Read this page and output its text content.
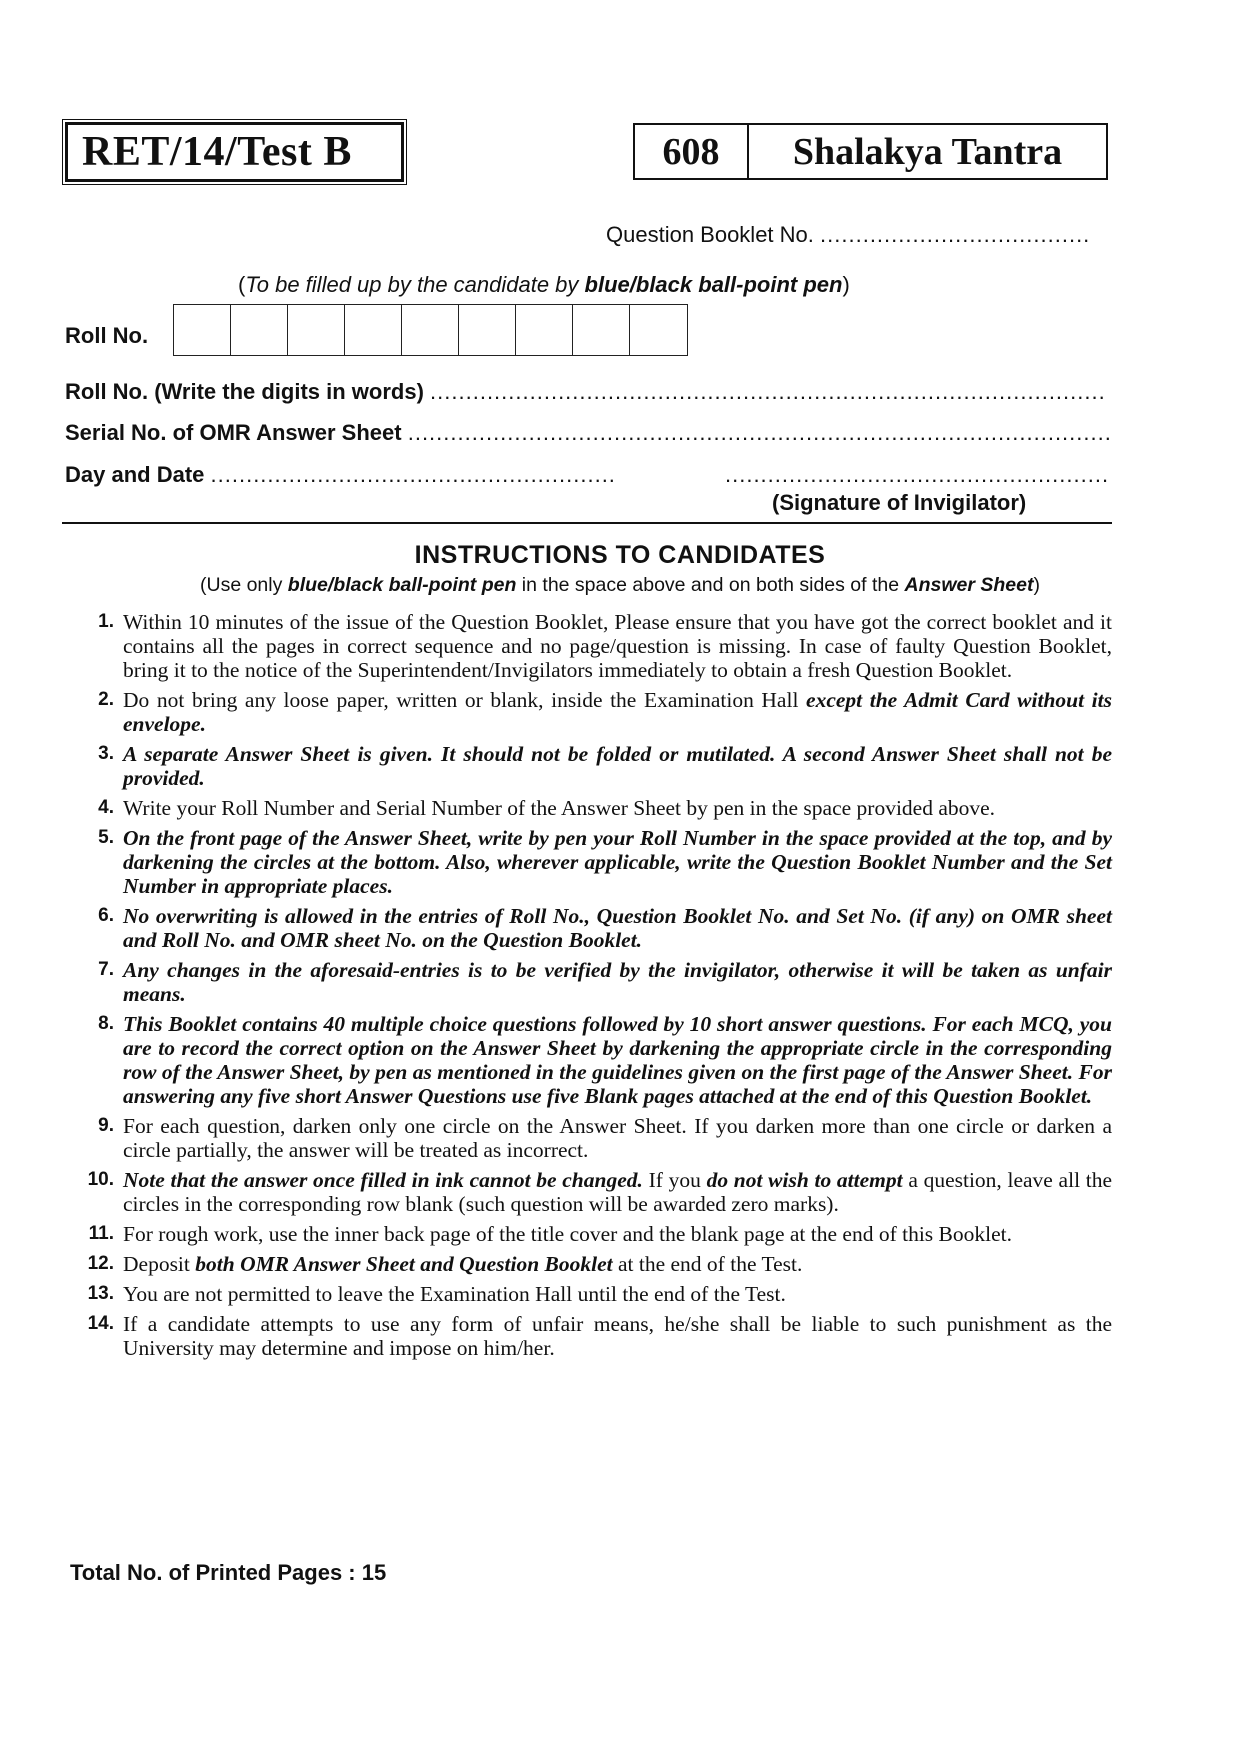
RET/14/Test B	608	Shalakya Tantra
Question Booklet No. ......................................
(To be filled up by the candidate by blue/black ball-point pen)
Roll No.
Roll No. (Write the digits in words) ...............................................................................................
Serial No. of OMR Answer Sheet ...................................................................................................
Day and Date .........................................................	......................................................
(Signature of Invigilator)
INSTRUCTIONS TO CANDIDATES
(Use only blue/black ball-point pen in the space above and on both sides of the Answer Sheet)
1. Within 10 minutes of the issue of the Question Booklet, Please ensure that you have got the correct booklet and it contains all the pages in correct sequence and no page/question is missing. In case of faulty Question Booklet, bring it to the notice of the Superintendent/Invigilators immediately to obtain a fresh Question Booklet.
2. Do not bring any loose paper, written or blank, inside the Examination Hall except the Admit Card without its envelope.
3. A separate Answer Sheet is given. It should not be folded or mutilated. A second Answer Sheet shall not be provided.
4. Write your Roll Number and Serial Number of the Answer Sheet by pen in the space provided above.
5. On the front page of the Answer Sheet, write by pen your Roll Number in the space provided at the top, and by darkening the circles at the bottom. Also, wherever applicable, write the Question Booklet Number and the Set Number in appropriate places.
6. No overwriting is allowed in the entries of Roll No., Question Booklet No. and Set No. (if any) on OMR sheet and Roll No. and OMR sheet No. on the Question Booklet.
7. Any changes in the aforesaid-entries is to be verified by the invigilator, otherwise it will be taken as unfair means.
8. This Booklet contains 40 multiple choice questions followed by 10 short answer questions. For each MCQ, you are to record the correct option on the Answer Sheet by darkening the appropriate circle in the corresponding row of the Answer Sheet, by pen as mentioned in the guidelines given on the first page of the Answer Sheet. For answering any five short Answer Questions use five Blank pages attached at the end of this Question Booklet.
9. For each question, darken only one circle on the Answer Sheet. If you darken more than one circle or darken a circle partially, the answer will be treated as incorrect.
10. Note that the answer once filled in ink cannot be changed. If you do not wish to attempt a question, leave all the circles in the corresponding row blank (such question will be awarded zero marks).
11. For rough work, use the inner back page of the title cover and the blank page at the end of this Booklet.
12. Deposit both OMR Answer Sheet and Question Booklet at the end of the Test.
13. You are not permitted to leave the Examination Hall until the end of the Test.
14. If a candidate attempts to use any form of unfair means, he/she shall be liable to such punishment as the University may determine and impose on him/her.
Total No. of Printed Pages : 15
